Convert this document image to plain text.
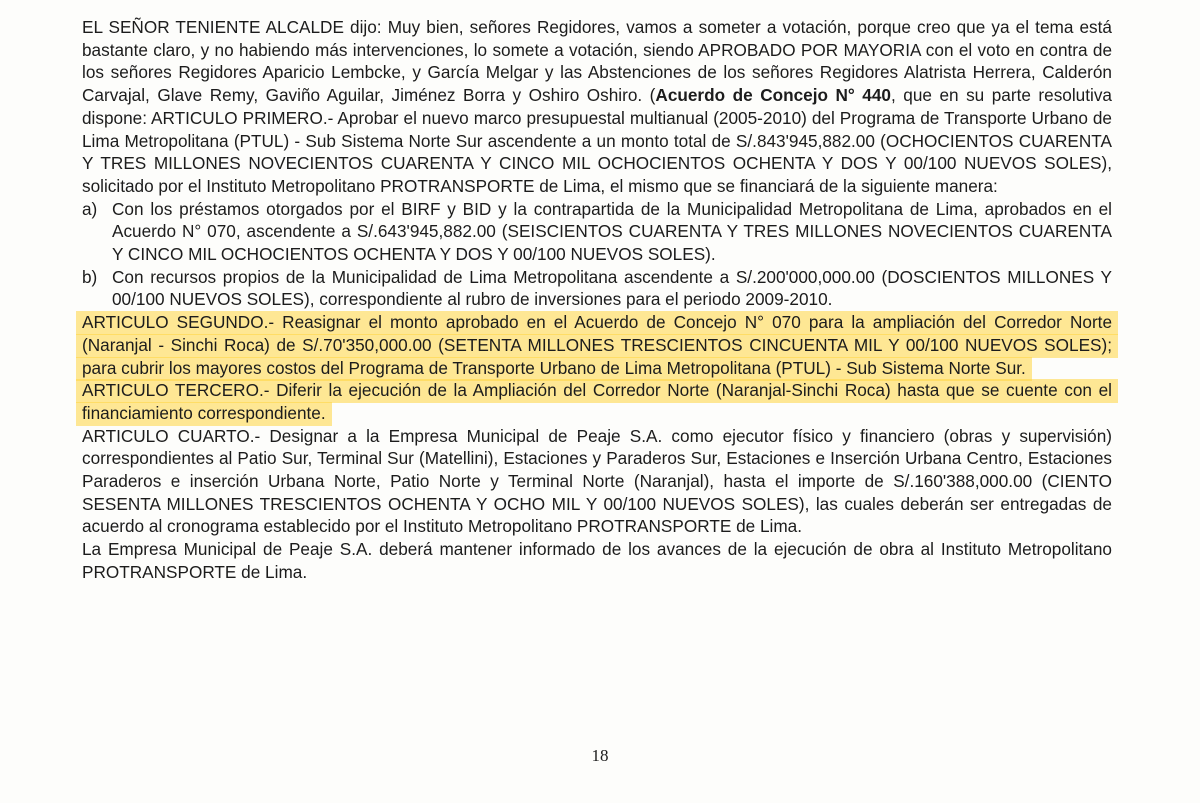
EL SEÑOR TENIENTE ALCALDE dijo: Muy bien, señores Regidores, vamos a someter a votación, porque creo que ya el tema está bastante claro, y no habiendo más intervenciones, lo somete a votación, siendo APROBADO POR MAYORIA con el voto en contra de los señores Regidores Aparicio Lembcke, y García Melgar y las Abstenciones de los señores Regidores Alatrista Herrera, Calderón Carvajal, Glave Remy, Gaviño Aguilar, Jiménez Borra y Oshiro Oshiro. (Acuerdo de Concejo N° 440, que en su parte resolutiva dispone: ARTICULO PRIMERO.- Aprobar el nuevo marco presupuestal multianual (2005-2010) del Programa de Transporte Urbano de Lima Metropolitana (PTUL) - Sub Sistema Norte Sur ascendente a un monto total de S/.843'945,882.00 (OCHOCIENTOS CUARENTA Y TRES MILLONES NOVECIENTOS CUARENTA Y CINCO MIL OCHOCIENTOS OCHENTA Y DOS Y 00/100 NUEVOS SOLES), solicitado por el Instituto Metropolitano PROTRANSPORTE de Lima, el mismo que se financiará de la siguiente manera:

a) Con los préstamos otorgados por el BIRF y BID y la contrapartida de la Municipalidad Metropolitana de Lima, aprobados en el Acuerdo N° 070, ascendente a S/.643'945,882.00 (SEISCIENTOS CUARENTA Y TRES MILLONES NOVECIENTOS CUARENTA Y CINCO MIL OCHOCIENTOS OCHENTA Y DOS Y 00/100 NUEVOS SOLES).

b) Con recursos propios de la Municipalidad de Lima Metropolitana ascendente a S/.200'000,000.00 (DOSCIENTOS MILLONES Y 00/100 NUEVOS SOLES), correspondiente al rubro de inversiones para el periodo 2009-2010.

ARTICULO SEGUNDO.- Reasignar el monto aprobado en el Acuerdo de Concejo N° 070 para la ampliación del Corredor Norte (Naranjal - Sinchi Roca) de S/.70'350,000.00 (SETENTA MILLONES TRESCIENTOS CINCUENTA MIL Y 00/100 NUEVOS SOLES); para cubrir los mayores costos del Programa de Transporte Urbano de Lima Metropolitana (PTUL) - Sub Sistema Norte Sur.

ARTICULO TERCERO.- Diferir la ejecución de la Ampliación del Corredor Norte (Naranjal-Sinchi Roca) hasta que se cuente con el financiamiento correspondiente.

ARTICULO CUARTO.- Designar a la Empresa Municipal de Peaje S.A. como ejecutor físico y financiero (obras y supervisión) correspondientes al Patio Sur, Terminal Sur (Matellini), Estaciones y Paraderos Sur, Estaciones e Inserción Urbana Centro, Estaciones Paraderos e inserción Urbana Norte, Patio Norte y Terminal Norte (Naranjal), hasta el importe de S/.160'388,000.00 (CIENTO SESENTA MILLONES TRESCIENTOS OCHENTA Y OCHO MIL Y 00/100 NUEVOS SOLES), las cuales deberán ser entregadas de acuerdo al cronograma establecido por el Instituto Metropolitano PROTRANSPORTE de Lima.

La Empresa Municipal de Peaje S.A. deberá mantener informado de los avances de la ejecución de obra al Instituto Metropolitano PROTRANSPORTE de Lima.

18
